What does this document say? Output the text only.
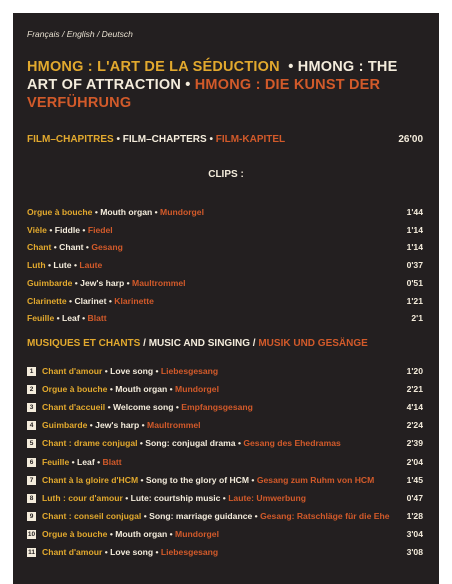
Français / English / Deutsch
HMONG : L'ART DE LA SÉDUCTION • HMONG : THE ART OF ATTRACTION • HMONG : DIE KUNST DER VERFÜHRUNG
FILM–CHAPITRES • FILM–CHAPTERS • FILM-KAPITEL	26'00
CLIPS :
Orgue à bouche • Mouth organ • Mundorgel	1'44
Vièle • Fiddle • Fiedel	1'14
Chant • Chant • Gesang	1'14
Luth • Lute • Laute	0'37
Guimbarde • Jew's harp • Maultrommel	0'51
Clarinette • Clarinet • Klarinette	1'21
Feuille • Leaf • Blatt	2'1
MUSIQUES ET CHANTS / MUSIC AND SINGING / MUSIK UND GESÄNGE
1 Chant d'amour • Love song • Liebesgesang	1'20
2 Orgue à bouche • Mouth organ • Mundorgel	2'21
3 Chant d'accueil • Welcome song • Empfangsgesang	4'14
4 Guimbarde • Jew's harp • Maultrommel	2'24
5 Chant : drame conjugal • Song: conjugal drama • Gesang des Ehedramas	2'39
6 Feuille • Leaf • Blatt	2'04
7 Chant à la gloire d'HCM • Song to the glory of HCM • Gesang zum Ruhm von HCM	1'45
8 Luth : cour d'amour • Lute: courtship music • Laute: Umwerbung	0'47
9 Chant : conseil conjugal • Song: marriage guidance • Gesang: Ratschläge für die Ehe 1'28
10 Orgue à bouche • Mouth organ • Mundorgel	3'04
11 Chant d'amour • Love song • Liebesgesang	3'08
